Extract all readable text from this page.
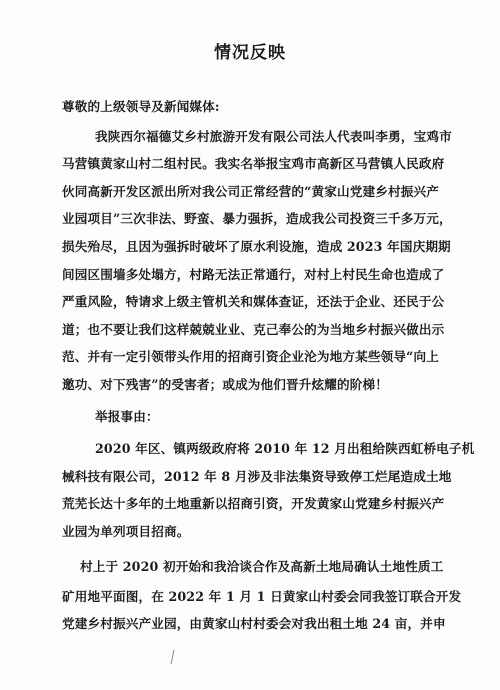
情况反映
尊敬的上级领导及新闻媒体:
我陕西尔福德艾乡村旅游开发有限公司法人代表叫李勇，宝鸡市
马营镇黄家山村二组村民。我实名举报宝鸡市高新区马营镇人民政府
伙同高新开发区派出所对我公司正常经营的“黄家山党建乡村振兴产
业园项目”三次非法、野蛮、暴力强拆，造成我公司投资三千多万元，
损失殆尽，且因为强拆时破坏了原水利设施，造成 2023 年国庆期期
间园区围墙多处塌方，村路无法正常通行，对村上村民生命也造成了
严重风险，特请求上级主管机关和媒体查证，还法于企业、还民于公
道；也不要让我们这样兢兢业业、克己奉公的为当地乡村振兴做出示
范、并有一定引领带头作用的招商引资企业沦为地方某些领导“向上
邀功、对下残害”的受害者；或成为他们晋升炫耀的阶梯！
举报事由：
2020 年区、镇两级政府将 2010 年 12 月出租给陕西虹桥电子机
械科技有限公司，2012 年 8 月涉及非法集资导致停工烂尾造成土地
荒芜长达十多年的土地重新以招商引资，开发黄家山党建乡村振兴产
业园为单列项目招商。
村上于 2020 初开始和我洽谈合作及高新土地局确认土地性质工
矿用地平面图，在 2022 年 1 月 1 日黄家山村委会同我签订联合开发
党建乡村振兴产业园，由黄家山村村委会对我出租土地 24 亩，并申
